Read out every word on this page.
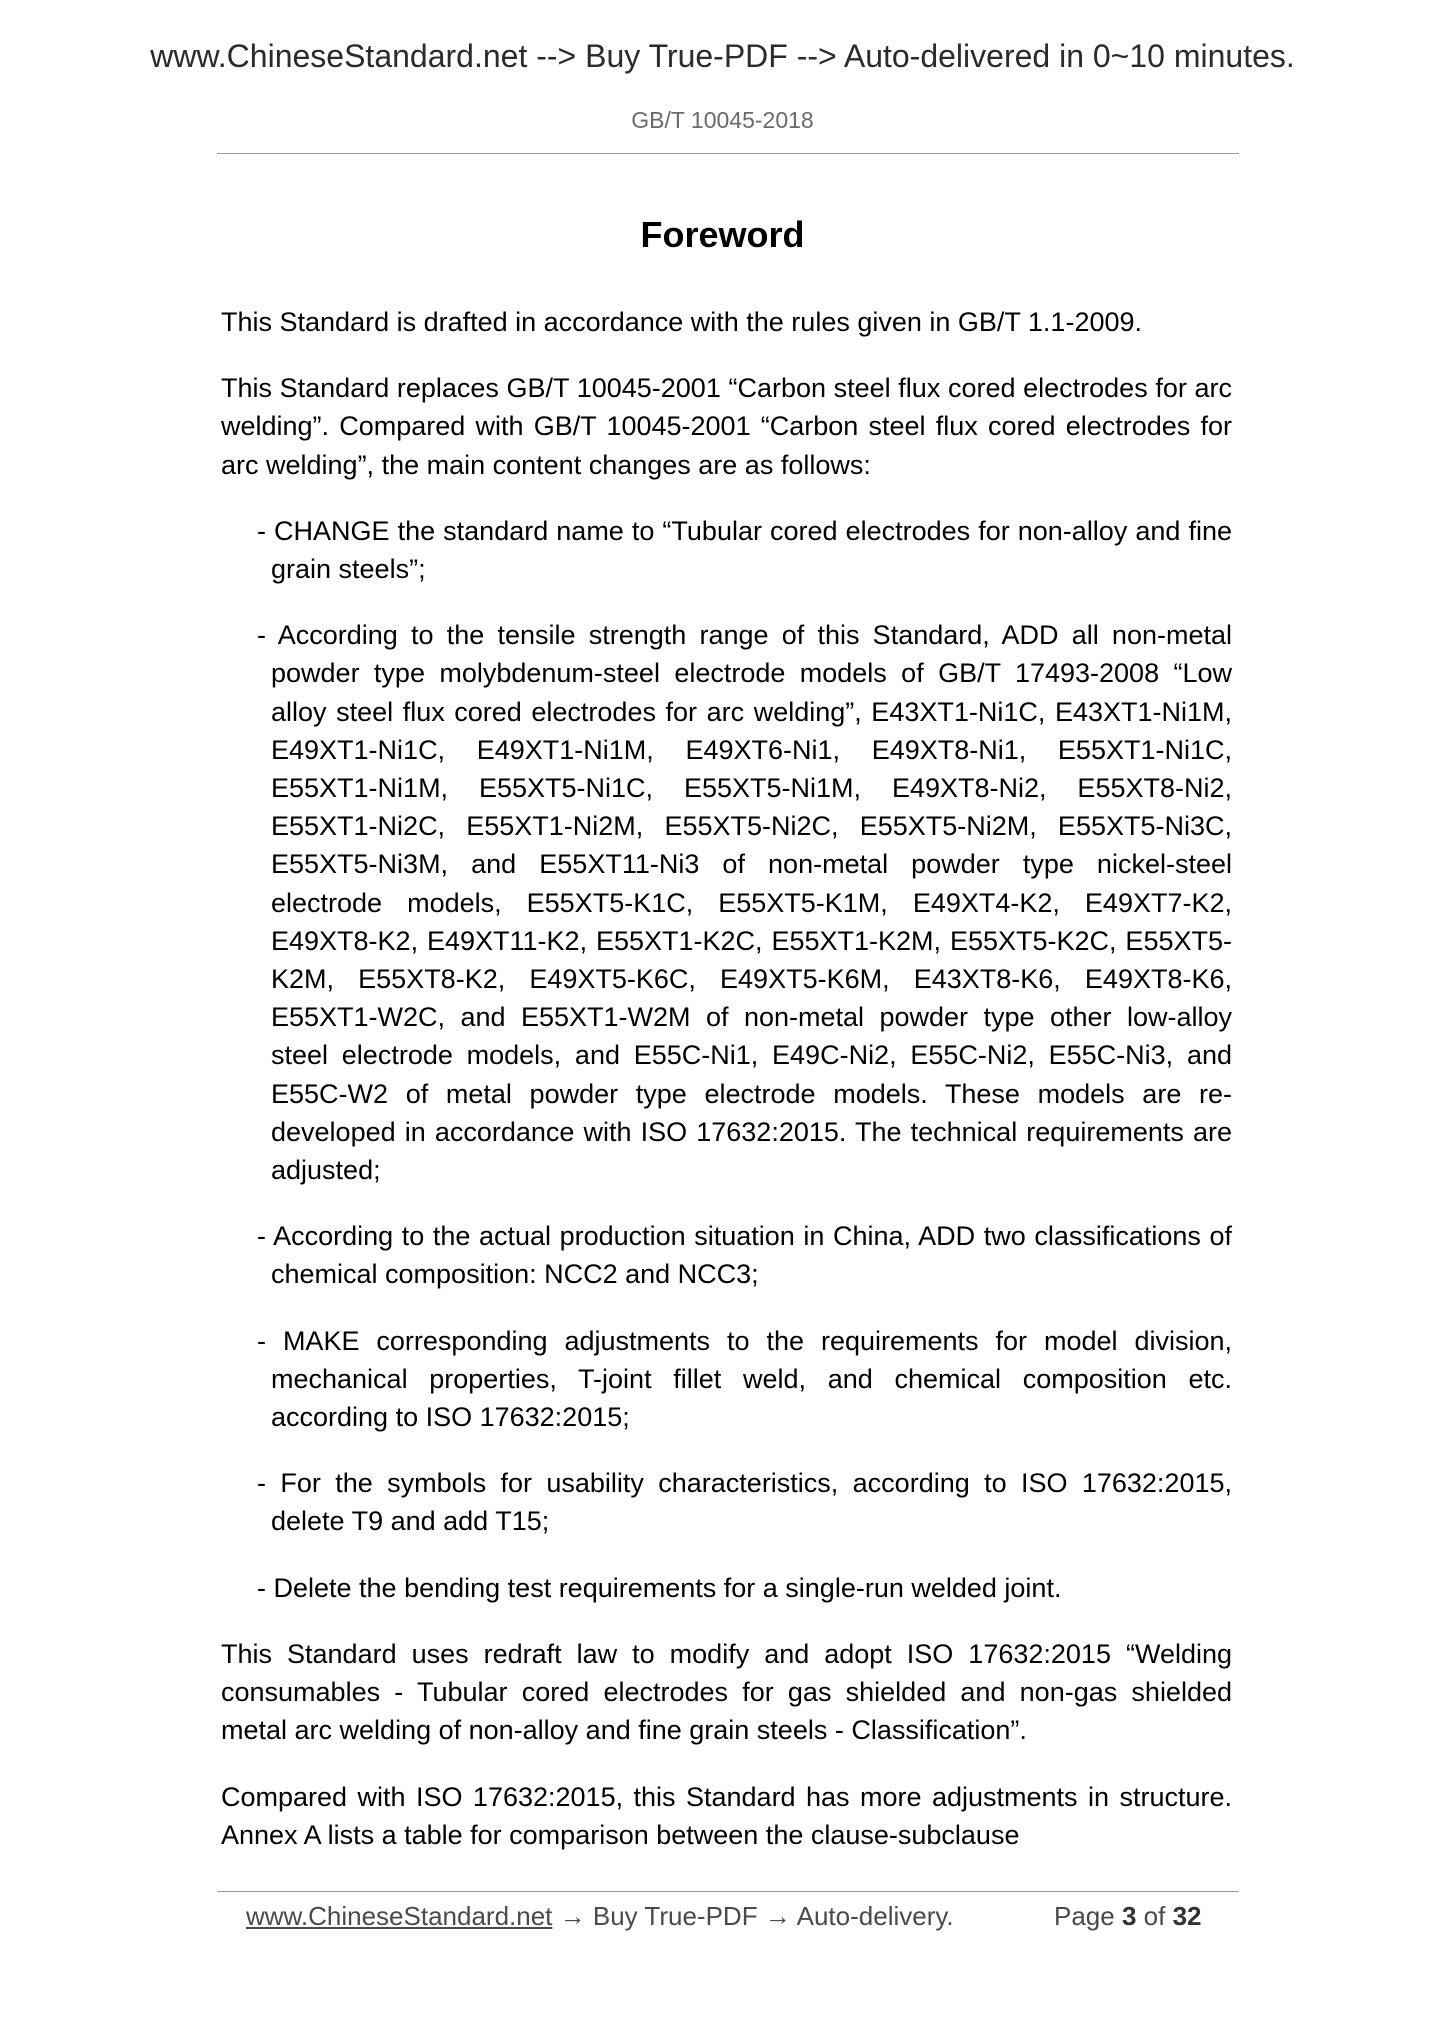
www.ChineseStandard.net --> Buy True-PDF --> Auto-delivered in 0~10 minutes.
GB/T 10045-2018
Foreword

This Standard is drafted in accordance with the rules given in GB/T 1.1-2009.

This Standard replaces GB/T 10045-2001 “Carbon steel flux cored electrodes for arc welding”. Compared with GB/T 10045-2001 “Carbon steel flux cored electrodes for arc welding”, the main content changes are as follows:

- CHANGE the standard name to “Tubular cored electrodes for non-alloy and fine grain steels”;

- According to the tensile strength range of this Standard, ADD all non-metal powder type molybdenum-steel electrode models of GB/T 17493-2008 “Low alloy steel flux cored electrodes for arc welding”, E43XT1-Ni1C, E43XT1-Ni1M, E49XT1-Ni1C, E49XT1-Ni1M, E49XT6-Ni1, E49XT8-Ni1, E55XT1-Ni1C, E55XT1-Ni1M, E55XT5-Ni1C, E55XT5-Ni1M, E49XT8-Ni2, E55XT8-Ni2, E55XT1-Ni2C, E55XT1-Ni2M, E55XT5-Ni2C, E55XT5-Ni2M, E55XT5-Ni3C, E55XT5-Ni3M, and E55XT11-Ni3 of non-metal powder type nickel-steel electrode models, E55XT5-K1C, E55XT5-K1M, E49XT4-K2, E49XT7-K2, E49XT8-K2, E49XT11-K2, E55XT1-K2C, E55XT1-K2M, E55XT5-K2C, E55XT5-K2M, E55XT8-K2, E49XT5-K6C, E49XT5-K6M, E43XT8-K6, E49XT8-K6, E55XT1-W2C, and E55XT1-W2M of non-metal powder type other low-alloy steel electrode models, and E55C-Ni1, E49C-Ni2, E55C-Ni2, E55C-Ni3, and E55C-W2 of metal powder type electrode models. These models are re-developed in accordance with ISO 17632:2015. The technical requirements are adjusted;

- According to the actual production situation in China, ADD two classifications of chemical composition: NCC2 and NCC3;

- MAKE corresponding adjustments to the requirements for model division, mechanical properties, T-joint fillet weld, and chemical composition etc. according to ISO 17632:2015;

- For the symbols for usability characteristics, according to ISO 17632:2015, delete T9 and add T15;

- Delete the bending test requirements for a single-run welded joint.

This Standard uses redraft law to modify and adopt ISO 17632:2015 “Welding consumables - Tubular cored electrodes for gas shielded and non-gas shielded metal arc welding of non-alloy and fine grain steels - Classification”.

Compared with ISO 17632:2015, this Standard has more adjustments in structure. Annex A lists a table for comparison between the clause-subclause

www.ChineseStandard.net → Buy True-PDF → Auto-delivery.	Page 3 of 32
